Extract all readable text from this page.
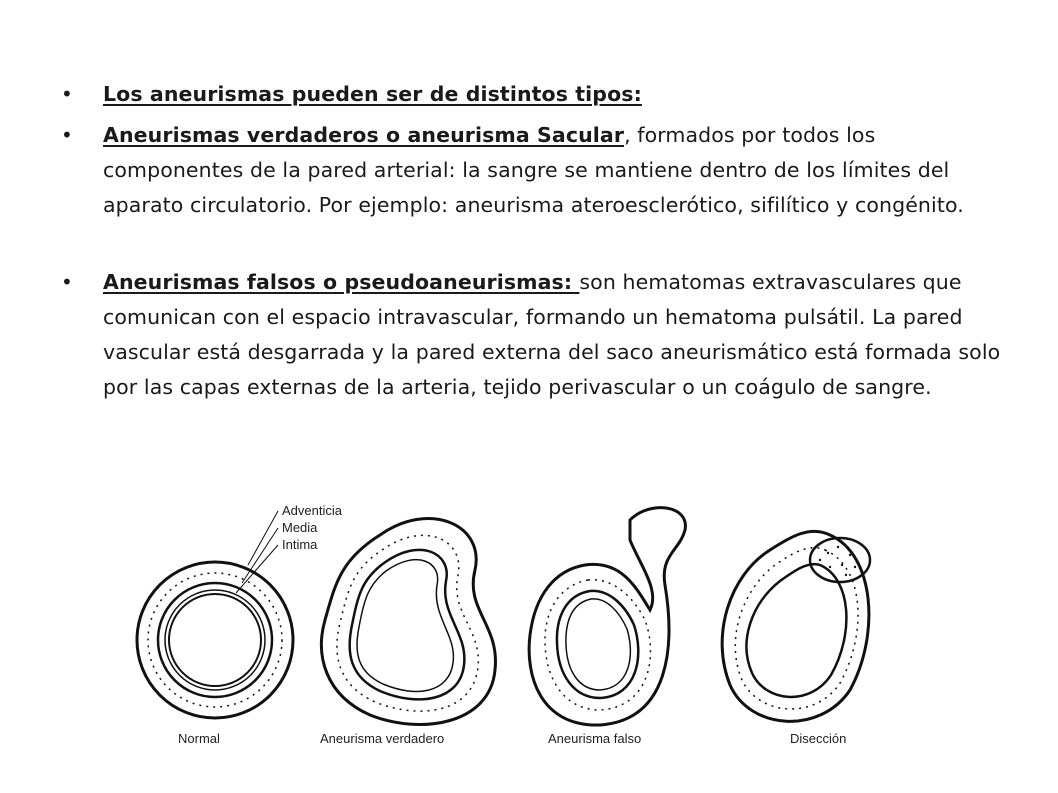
• Los aneurismas pueden ser de distintos tipos:
• Aneurismas verdaderos o aneurisma Sacular, formados por todos los componentes de la pared arterial: la sangre se mantiene dentro de los límites del aparato circulatorio. Por ejemplo: aneurisma ateroesclerótico, sifilítico y congénito.
• Aneurismas falsos o pseudoaneurismas: son hematomas extravasculares que comunican con el espacio intravascular, formando un hematoma pulsátil. La pared vascular está desgarrada y la pared externa del saco aneurismático está formada solo por las capas externas de la arteria, tejido perivascular o un coágulo de sangre.
Adventicia
Media
Intima
Normal	Aneurisma verdadero	Aneurisma falso	Disección
